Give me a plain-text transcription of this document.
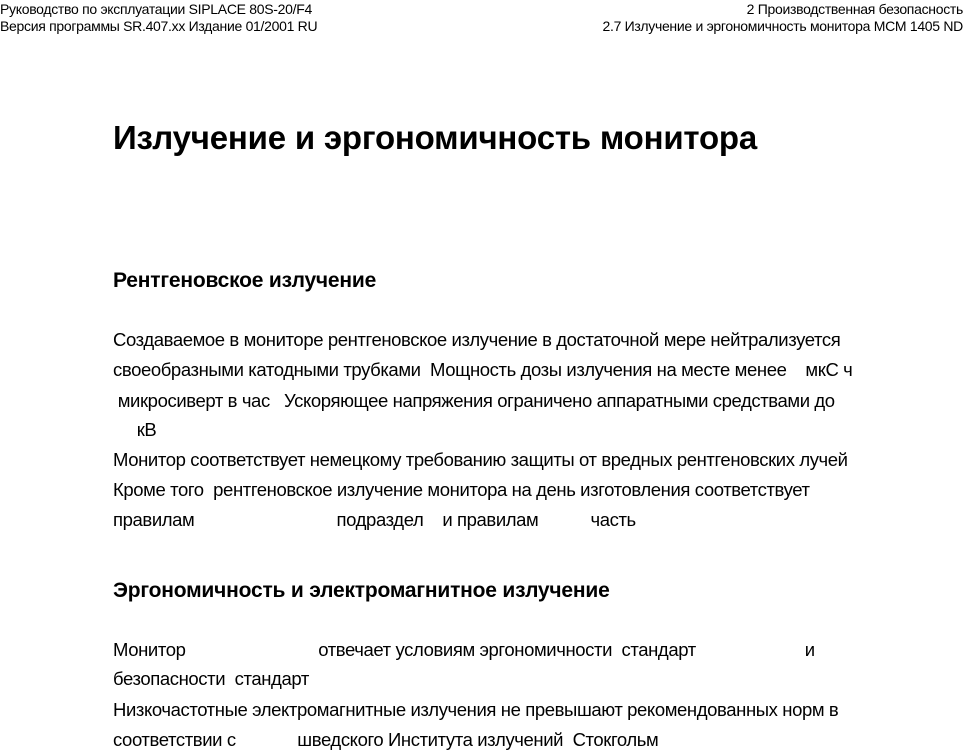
Руководство по эксплуатации SIPLACE 80S-20/F4
Версия программы SR.407.xx Издание 01/2001 RU
2 Производственная безопасность
2.7 Излучение и эргономичность монитора MCM 1405 ND
Излучение и эргономичность монитора
Рентгеновское излучение
Создаваемое в мониторе рентгеновское излучение в достаточной мере нейтрализуется
своеобразными катодными трубками  Мощность дозы излучения на месте менее    мкС ч
микросиверт в час   Ускоряющее напряжения ограничено аппаратными средствами до
кВ
Монитор соответствует немецкому требованию защиты от вредных рентгеновских лучей
Кроме того  рентгеновское излучение монитора на день изготовления соответствует
правилам                              подраздел    и правилам           часть
Эргономичность и электромагнитное излучение
Монитор                            отвечает условиям эргономичности  стандарт                       и
безопасности  стандарт
Низкочастотные электромагнитные излучения не превышают рекомендованных норм в
соответствии с             шведского Института излучений  Стокгольм
